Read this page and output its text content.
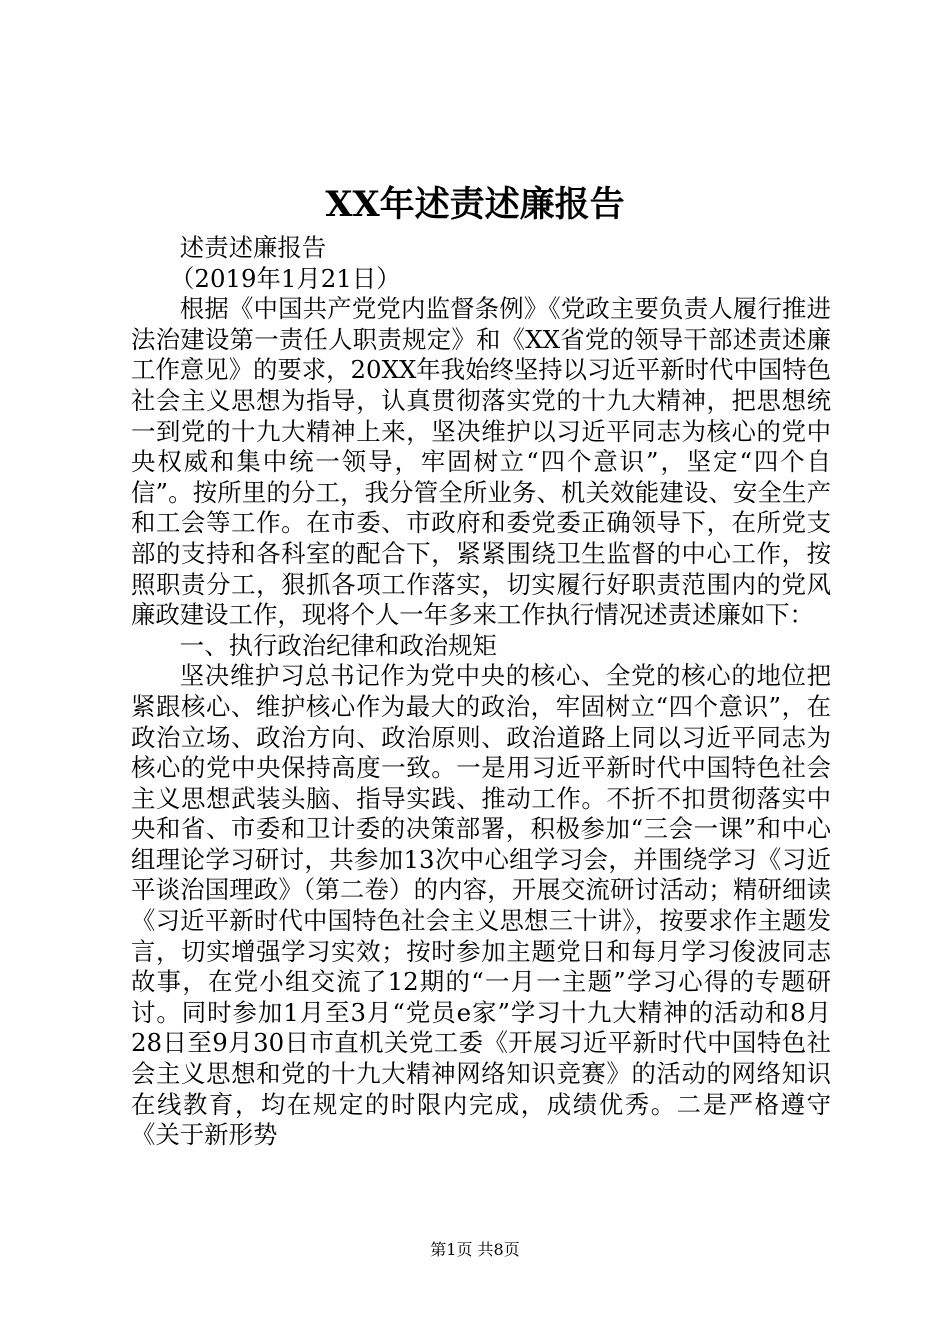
XX年述责述廉报告

述责述廉报告

（2019年1月21日）

根据《中国共产党党内监督条例》《党政主要负责人履行推进法治建设第一责任人职责规定》和《XX省党的领导干部述责述廉工作意见》的要求，20XX年我始终坚持以习近平新时代中国特色社会主义思想为指导，认真贯彻落实党的十九大精神，把思想统一到党的十九大精神上来，坚决维护以习近平同志为核心的党中央权威和集中统一领导，牢固树立“四个意识”，坚定“四个自信”。按所里的分工，我分管全所业务、机关效能建设、安全生产和工会等工作。在市委、市政府和委党委正确领导下，在所党支部的支持和各科室的配合下，紧紧围绕卫生监督的中心工作，按照职责分工，狠抓各项工作落实，切实履行好职责范围内的党风廉政建设工作，现将个人一年多来工作执行情况述责述廉如下：

一、执行政治纪律和政治规矩

坚决维护习总书记作为党中央的核心、全党的核心的地位把紧跟核心、维护核心作为最大的政治，牢固树立“四个意识”，在政治立场、政治方向、政治原则、政治道路上同以习近平同志为核心的党中央保持高度一致。一是用习近平新时代中国特色社会主义思想武装头脑、指导实践、推动工作。不折不扣贯彻落实中央和省、市委和卫计委的决策部署，积极参加“三会一课”和中心组理论学习研讨，共参加13次中心组学习会，并围绕学习《习近平谈治国理政》（第二卷）的内容，开展交流研讨活动；精研细读《习近平新时代中国特色社会主义思想三十讲》，按要求作主题发言，切实增强学习实效；按时参加主题党日和每月学习俊波同志故事，在党小组交流了12期的“一月一主题”学习心得的专题研讨。同时参加1月至3月“党员e家”学习十九大精神的活动和8月28日至9月30日市直机关党工委《开展习近平新时代中国特色社会主义思想和党的十九大精神网络知识竞赛》的活动的网络知识在线教育，均在规定的时限内完成，成绩优秀。二是严格遵守《关于新形势

第1页 共8页
